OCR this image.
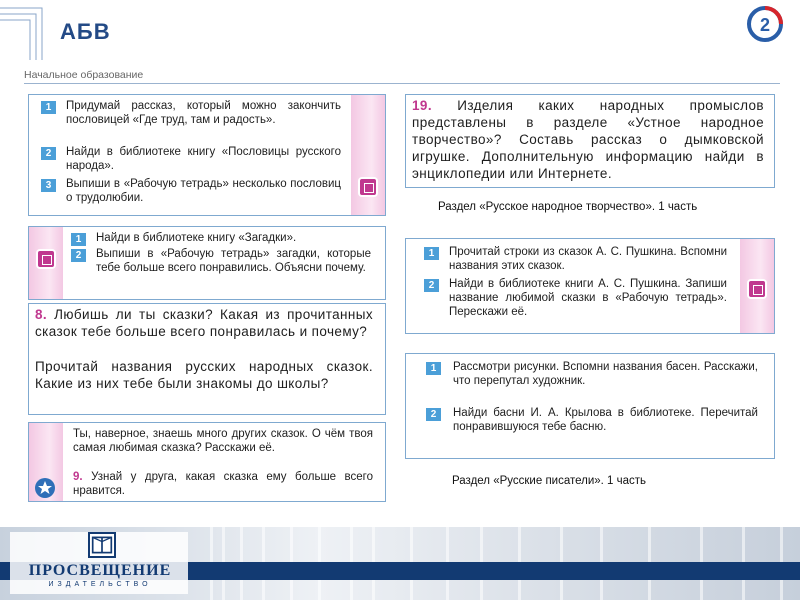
АБВ
Начальное образование
2
1	Придумай рассказ, который можно закончить пословицей «Где труд, там и радость».
2	Найди в библиотеке книгу «Пословицы русского народа».
3	Выпиши в «Рабочую тетрадь» несколько пословиц о трудолюбии.
1	Найди в библиотеке книгу «Загадки».
2	Выпиши в «Рабочую тетрадь» загадки, которые тебе больше всего понравились. Объясни почему.
8. Любишь ли ты сказки? Какая из прочитанных сказок тебе больше всего понравилась и почему?
Прочитай названия русских народных сказок. Какие из них тебе были знакомы до школы?
Ты, наверное, знаешь много других сказок. О чём твоя самая любимая сказка? Расскажи её.
9. Узнай у друга, какая сказка ему больше всего нравится.
19. Изделия каких народных промыслов представлены в разделе «Устное народное творчество»? Составь рассказ о дымковской игрушке. Дополнительную информацию найди в энциклопедии или Интернете.
Раздел «Русское народное творчество». 1 часть
1	Прочитай строки из сказок А. С. Пушкина. Вспомни названия этих сказок.
2	Найди в библиотеке книги А. С. Пушкина. Запиши название любимой сказки в «Рабочую тетрадь». Перескажи её.
1	Рассмотри рисунки. Вспомни названия басен. Расскажи, что перепутал художник.
2	Найди басни И. А. Крылова в библиотеке. Перечитай понравившуюся тебе басню.
Раздел «Русские писатели». 1 часть
ПРОСВЕЩЕНИЕ
ИЗДАТЕЛЬСТВО
